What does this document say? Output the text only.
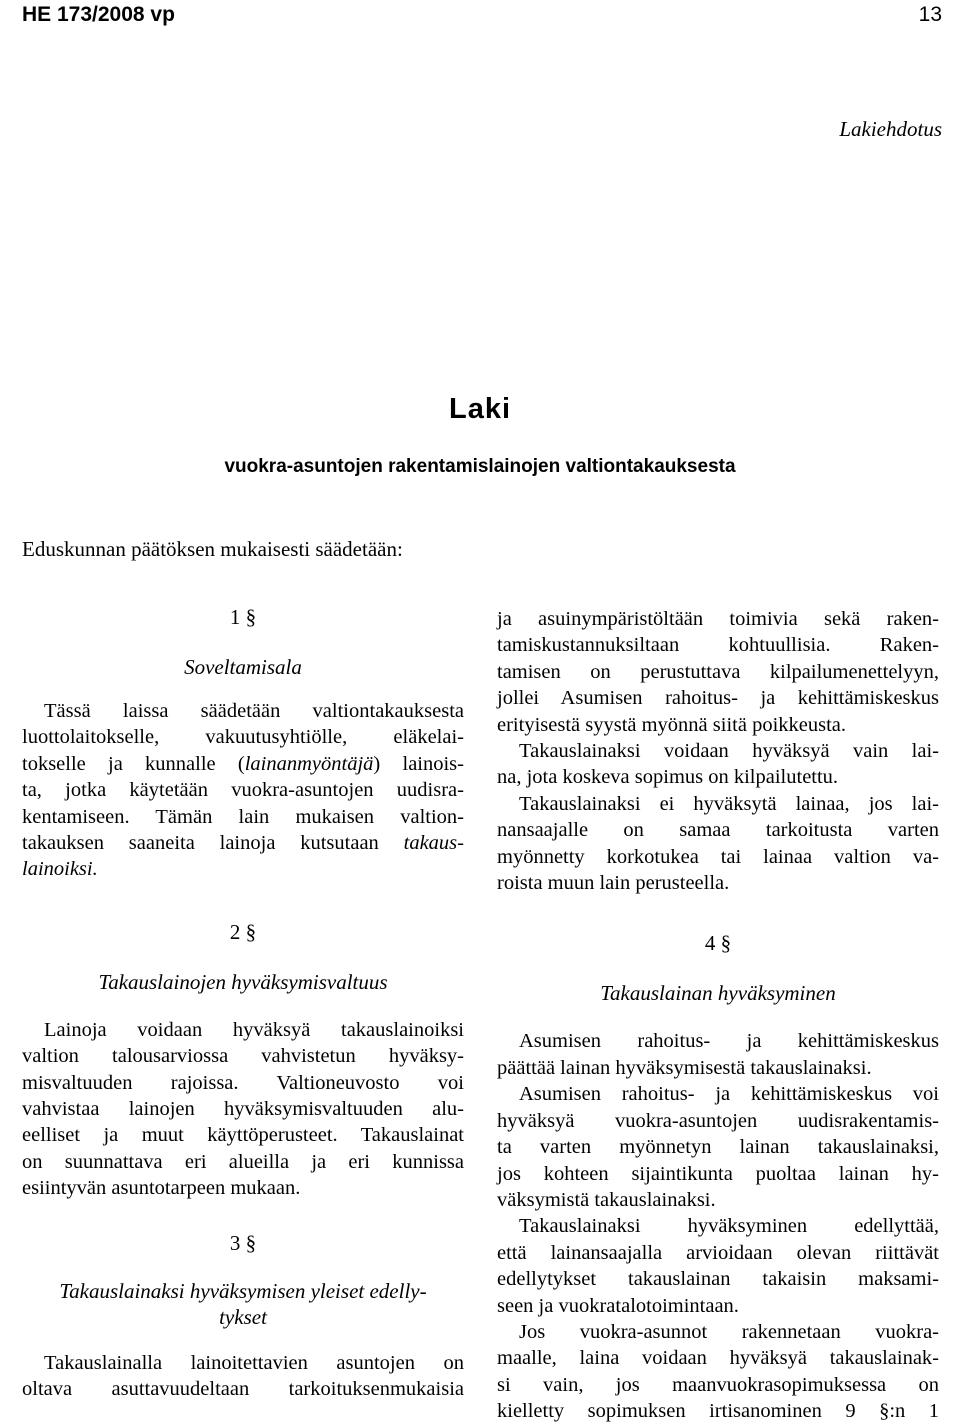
HE 173/2008 vp	13
Lakiehdotus
Laki
vuokra-asuntojen rakentamislainojen valtiontakauksesta
Eduskunnan päätöksen mukaisesti säädetään:
1 §
Soveltamisala
Tässä laissa säädetään valtiontakauksesta
luottolaitokselle, vakuutusyhtiölle, eläkelai-
tokselle ja kunnalle (lainanmyöntäjä) lainois-
ta, jotka käytetään vuokra-asuntojen uudisra-
kentamiseen. Tämän lain mukaisen valtion-
takauksen saaneita lainoja kutsutaan takaus-
lainoiksi.
2 §
Takauslainojen hyväksymisvaltuus
Lainoja voidaan hyväksyä takauslainoiksi
valtion talousarviossa vahvistetun hyväksy-
misvaltuuden rajoissa. Valtioneuvosto voi
vahvistaa lainojen hyväksymisvaltuuden alu-
eelliset ja muut käyttöperusteet. Takauslainat
on suunnattava eri alueilla ja eri kunnissa
esiintyvän asuntotarpeen mukaan.
3 §
Takauslainaksi hyväksymisen yleiset edelly-
tykset
Takauslainalla lainoitettavien asuntojen on
oltava asuttavuudeltaan tarkoituksenmukaisia
ja asuinympäristöltään toimivia sekä raken-
tamiskustannuksiltaan kohtuullisia. Raken-
tamisen on perustuttava kilpailumenettelyyn,
jollei Asumisen rahoitus- ja kehittämiskeskus
erityisestä syystä myönnä siitä poikkeusta.
Takauslainaksi voidaan hyväksyä vain lai-
na, jota koskeva sopimus on kilpailutettu.
Takauslainaksi ei hyväksytä lainaa, jos lai-
nansaajalle on samaa tarkoitusta varten
myönnetty korkotukea tai lainaa valtion va-
roista muun lain perusteella.
4 §
Takauslainan hyväksyminen
Asumisen rahoitus- ja kehittämiskeskus
päättää lainan hyväksymisestä takauslainaksi.
Asumisen rahoitus- ja kehittämiskeskus voi
hyväksyä vuokra-asuntojen uudisrakentamis-
ta varten myönnetyn lainan takauslainaksi,
jos kohteen sijaintikunta puoltaa lainan hy-
väksymistä takauslainaksi.
Takauslainaksi hyväksyminen edellyttää,
että lainansaajalla arvioidaan olevan riittävät
edellytykset takauslainan takaisin maksami-
seen ja vuokratalotoimintaan.
Jos vuokra-asunnot rakennetaan vuokra-
maalle, laina voidaan hyväksyä takauslainak-
si vain, jos maanvuokrasopimuksessa on
kielletty sopimuksen irtisanominen 9 §:n 1
